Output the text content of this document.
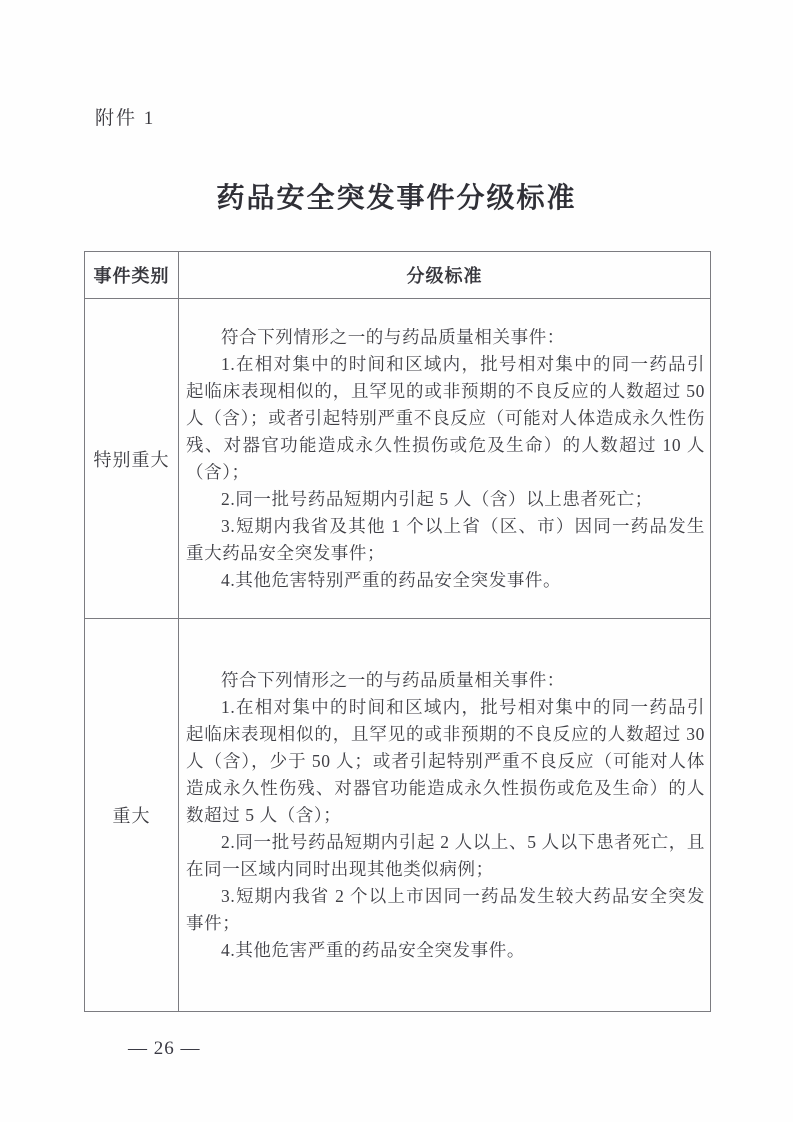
附件 1
药品安全突发事件分级标准
事件类别	分级标准
特别重大	符合下列情形之一的与药品质量相关事件：

1.在相对集中的时间和区域内，批号相对集中的同一药品引起临床表现相似的，且罕见的或非预期的不良反应的人数超过 50 人（含）；或者引起特别严重不良反应（可能对人体造成永久性伤残、对器官功能造成永久性损伤或危及生命）的人数超过 10 人（含）；

2.同一批号药品短期内引起 5 人（含）以上患者死亡；

3.短期内我省及其他 1 个以上省（区、市）因同一药品发生重大药品安全突发事件；

4.其他危害特别严重的药品安全突发事件。

重大	符合下列情形之一的与药品质量相关事件：

1.在相对集中的时间和区域内，批号相对集中的同一药品引起临床表现相似的，且罕见的或非预期的不良反应的人数超过 30 人（含），少于 50 人；或者引起特别严重不良反应（可能对人体造成永久性伤残、对器官功能造成永久性损伤或危及生命）的人数超过 5 人（含）；

2.同一批号药品短期内引起 2 人以上、5 人以下患者死亡，且在同一区域内同时出现其他类似病例；

3.短期内我省 2 个以上市因同一药品发生较大药品安全突发事件；

4.其他危害严重的药品安全突发事件。

— 26 —
